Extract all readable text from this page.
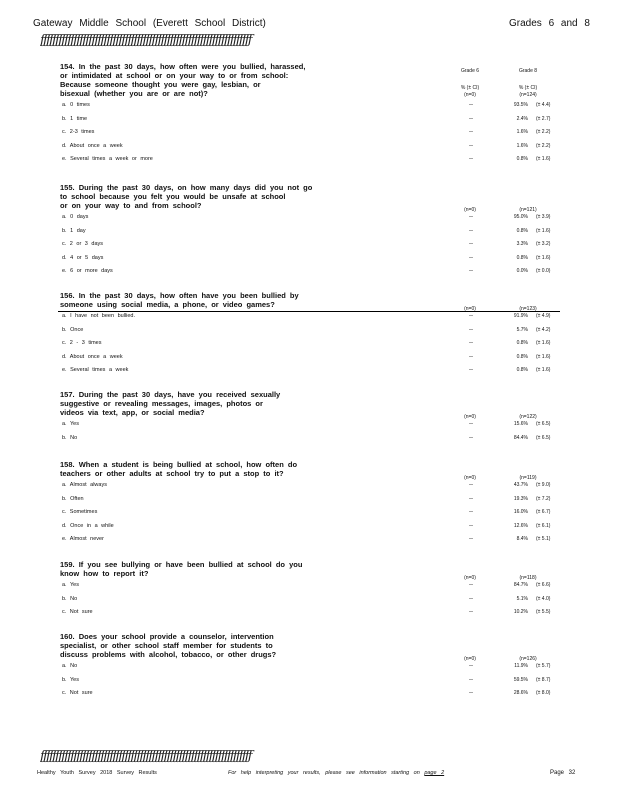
Gateway Middle School (Everett School District)	Grades 6 and 8
ƒƒƒƒƒƒƒƒƒƒƒƒƒƒƒƒƒƒƒƒƒƒƒƒƒƒƒƒƒƒƒƒƒƒƒƒƒƒƒƒƒƒƒƒƒƒƒƒƒƒƒƒƒƒƒƒƒƒƒƒƒƒƒƒƒƒƒƒƒƒ
154. In the past 30 days, how often were you bullied, harassed,
or intimidated at school or on your way to or from school:
Because someone thought you were gay, lesbian, or
bisexual (whether you are or are not)?
Grade 6	Grade 8
% (± CI)	% (± CI)
(n=0)	(n=124)
a. 0 times	--	93.5% (± 4.4)
b. 1 time	--	2.4% (± 2.7)
c. 2-3 times	--	1.6% (± 2.2)
d. About once a week	--	1.6% (± 2.2)
e. Several times a week or more	--	0.8% (± 1.6)
155. During the past 30 days, on how many days did you not go
to school because you felt you would be unsafe at school
or on your way to and from school?	(n=0)	(n=121)
a. 0 days	--	95.0% (± 3.9)
b. 1 day	--	0.8% (± 1.6)
c. 2 or 3 days	--	3.3% (± 3.2)
d. 4 or 5 days	--	0.8% (± 1.6)
e. 6 or more days	--	0.0% (± 0.0)
156. In the past 30 days, how often have you been bullied by
someone using social media, a phone, or video games?	(n=0)	(n=123)
a. I have not been bullied.	--	91.9% (± 4.9)
b. Once	--	5.7% (± 4.2)
c. 2 - 3 times	--	0.8% (± 1.6)
d. About once a week	--	0.8% (± 1.6)
e. Several times a week	--	0.8% (± 1.6)
157. During the past 30 days, have you received sexually
suggestive or revealing messages, images, photos or
videos via text, app, or social media?	(n=0)	(n=122)
a. Yes	--	15.6% (± 6.5)
b. No	--	84.4% (± 6.5)
158. When a student is being bullied at school, how often do
teachers or other adults at school try to put a stop to it?	(n=0)	(n=119)
a. Almost always	--	43.7% (± 9.0)
b. Often	--	19.3% (± 7.2)
c. Sometimes	--	16.0% (± 6.7)
d. Once in a while	--	12.6% (± 6.1)
e. Almost never	--	8.4% (± 5.1)
159. If you see bullying or have been bullied at school do you
know how to report it?	(n=0)	(n=118)
a. Yes	--	84.7% (± 6.6)
b. No	--	5.1% (± 4.0)
c. Not sure	--	10.2% (± 5.5)
160. Does your school provide a counselor, intervention
specialist, or other school staff member for students to
discuss problems with alcohol, tobacco, or other drugs?	(n=0)	(n=126)
a. No	--	11.9% (± 5.7)
b. Yes	--	59.5% (± 8.7)
c. Not sure	--	28.6% (± 8.0)
ƒƒƒƒƒƒƒƒƒƒƒƒƒƒƒƒƒƒƒƒƒƒƒƒƒƒƒƒƒƒƒƒƒƒƒƒƒƒƒƒƒƒƒƒƒƒƒƒƒƒƒƒƒƒƒƒƒƒƒƒƒƒƒƒƒƒƒƒƒƒ
Healthy Youth Survey 2018 Survey Results	For help interpreting your results, please see information starting on page 2	Page 32
